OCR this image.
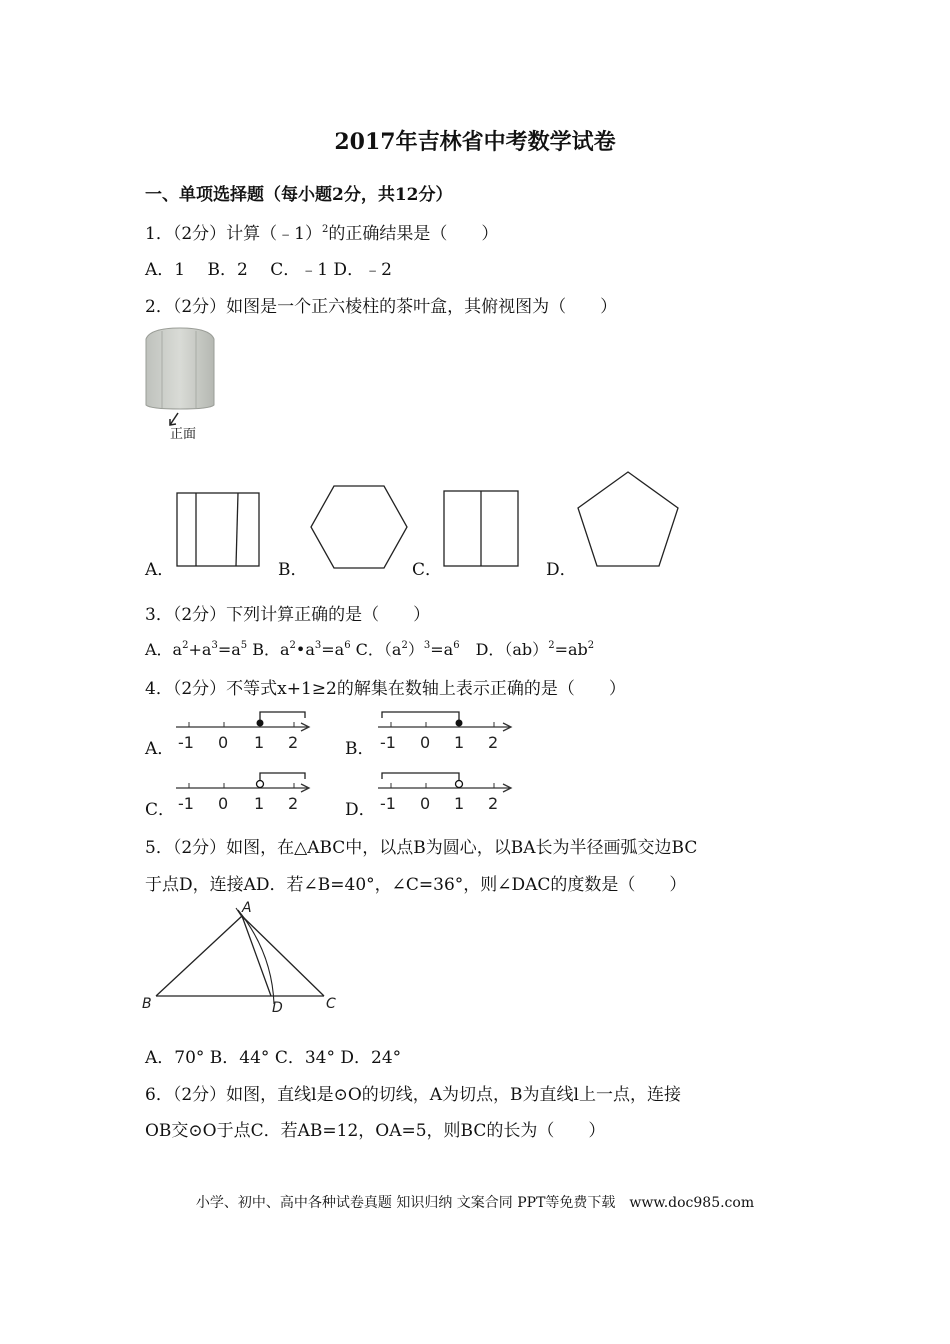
2017年吉林省中考数学试卷
一、单项选择题（每小题2分，共12分）
1．（2分）计算（﹣1）$^2$的正确结果是（　　）
A．1　 B．2　 C．﹣1 D．﹣2
2．（2分）如图是一个正六棱柱的茶叶盒，其俯视图为（　　）
正面
A．	B．	C．	D．
3．（2分）下列计算正确的是（　　）
A．$a^2+a^3=a^5$ B．$a^2•a^3=a^6$ C．$(a^2)^3=a^6$　D．$(ab)^2=ab^2$
4．（2分）不等式x+1≥2的解集在数轴上表示正确的是（　　）
A． -1 0 1 2	B． -1 0 1 2
C． -1 0 1 2	D． -1 0 1 2
5．（2分）如图，在△ABC中，以点B为圆心，以BA长为半径画弧交边BC
于点D，连接AD．若∠B=40°，∠C=36°，则∠DAC的度数是（　　）
A
B	C
D
A．70° B．44° C．34° D．24°
6．（2分）如图，直线l是⊙O的切线，A为切点，B为直线l上一点，连接
OB交⊙O于点C．若AB=12，OA=5，则BC的长为（　　）
小学、初中、高中各种试卷真题 知识归纳 文案合同 PPT等免费下载　www.doc985.com
